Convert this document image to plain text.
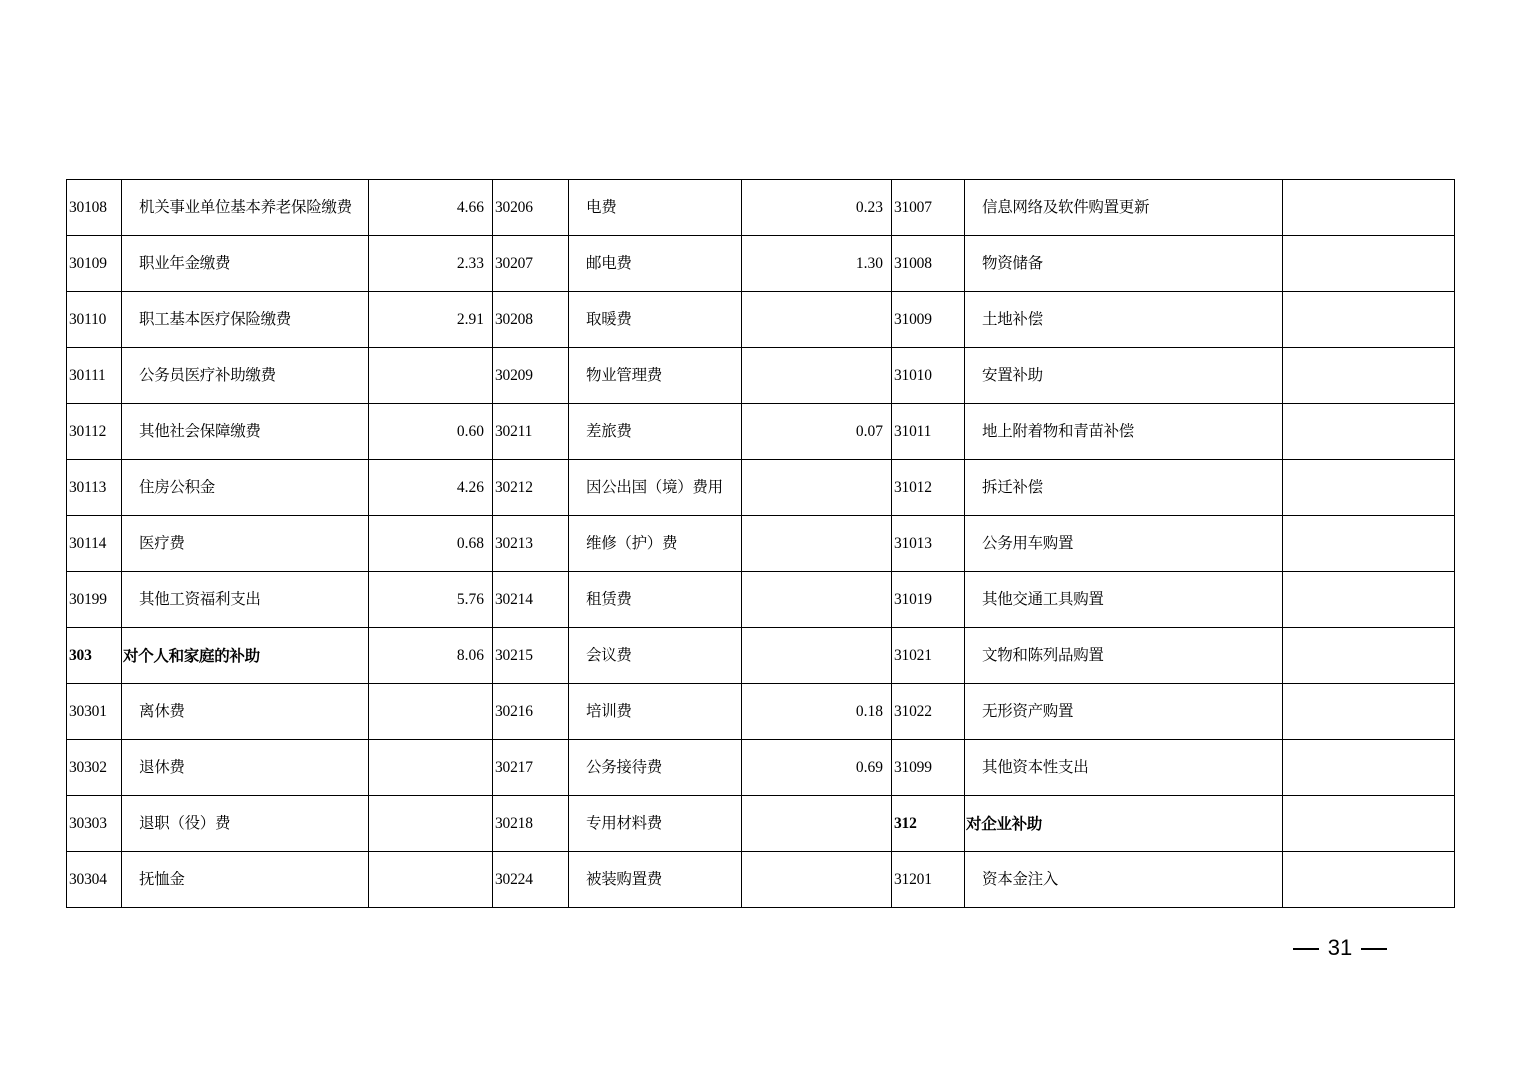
30108	机关事业单位基本养老保险缴费	4.66	30206	电费	0.23	31007	信息网络及软件购置更新	
30109	职业年金缴费	2.33	30207	邮电费	1.30	31008	物资储备	
30110	职工基本医疗保险缴费	2.91	30208	取暖费		31009	土地补偿	
30111	公务员医疗补助缴费		30209	物业管理费		31010	安置补助	
30112	其他社会保障缴费	0.60	30211	差旅费	0.07	31011	地上附着物和青苗补偿	
30113	住房公积金	4.26	30212	因公出国（境）费用		31012	拆迁补偿	
30114	医疗费	0.68	30213	维修（护）费		31013	公务用车购置	
30199	其他工资福利支出	5.76	30214	租赁费		31019	其他交通工具购置	
303	对个人和家庭的补助	8.06	30215	会议费		31021	文物和陈列品购置	
30301	离休费		30216	培训费	0.18	31022	无形资产购置	
30302	退休费		30217	公务接待费	0.69	31099	其他资本性支出	
30303	退职（役）费		30218	专用材料费		312	对企业补助	
30304	抚恤金		30224	被装购置费		31201	资本金注入	
31
